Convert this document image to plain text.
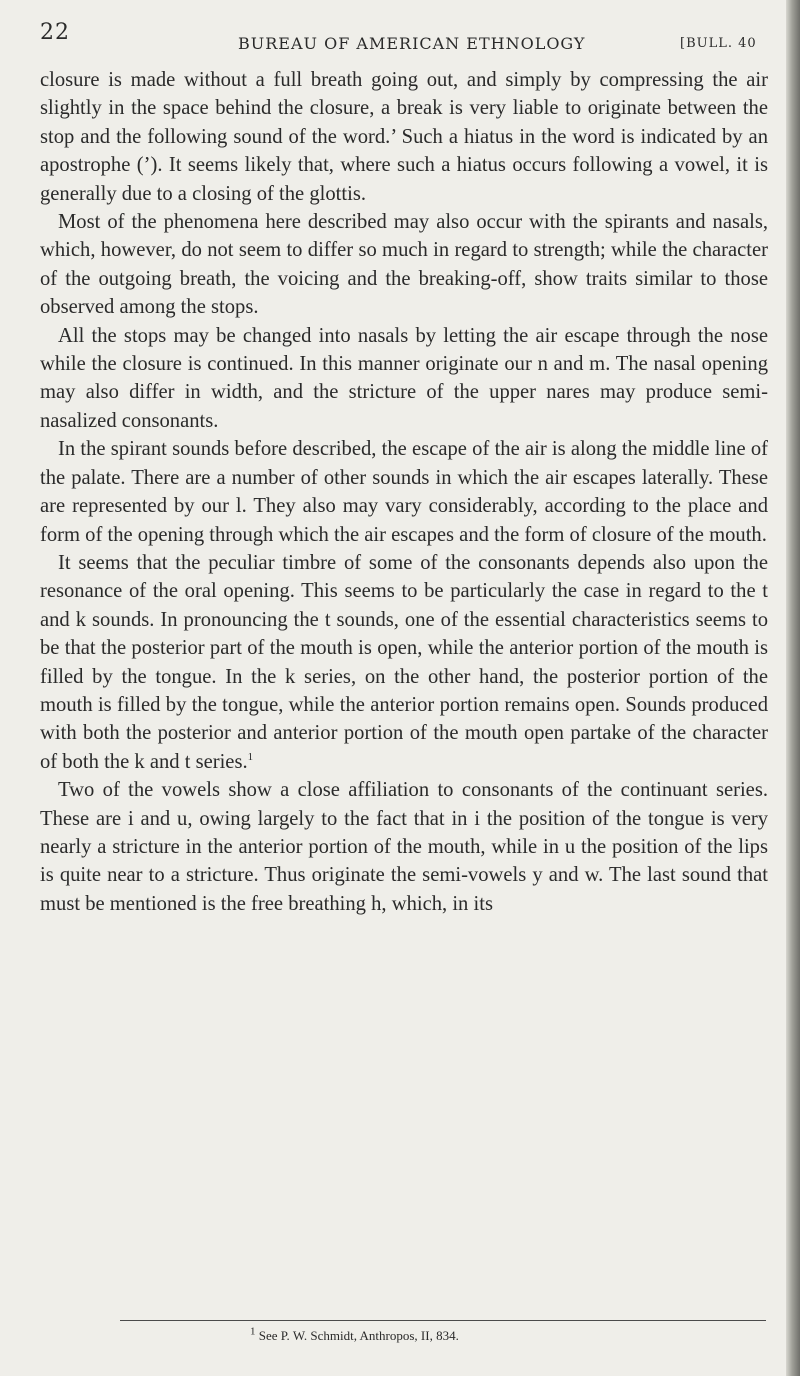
22	BUREAU OF AMERICAN ETHNOLOGY	[BULL. 40

closure is made without a full breath going out, and simply by compressing the air slightly in the space behind the closure, a break is very liable to originate between the stop and the following sound of the word.’ Such a hiatus in the word is indicated by an apostrophe (’). It seems likely that, where such a hiatus occurs following a vowel, it is generally due to a closing of the glottis.

Most of the phenomena here described may also occur with the spirants and nasals, which, however, do not seem to differ so much in regard to strength; while the character of the outgoing breath, the voicing and the breaking-off, show traits similar to those observed among the stops.

All the stops may be changed into nasals by letting the air escape through the nose while the closure is continued. In this manner originate our n and m. The nasal opening may also differ in width, and the stricture of the upper nares may produce semi-nasalized consonants.

In the spirant sounds before described, the escape of the air is along the middle line of the palate. There are a number of other sounds in which the air escapes laterally. These are represented by our l. They also may vary considerably, according to the place and form of the opening through which the air escapes and the form of closure of the mouth.

It seems that the peculiar timbre of some of the consonants depends also upon the resonance of the oral opening. This seems to be particularly the case in regard to the t and k sounds. In pronouncing the t sounds, one of the essential characteristics seems to be that the posterior part of the mouth is open, while the anterior portion of the mouth is filled by the tongue. In the k series, on the other hand, the posterior portion of the mouth is filled by the tongue, while the anterior portion remains open. Sounds produced with both the posterior and anterior portion of the mouth open partake of the character of both the k and t series.$^1$

Two of the vowels show a close affiliation to consonants of the continuant series. These are i and u, owing largely to the fact that in i the position of the tongue is very nearly a stricture in the anterior portion of the mouth, while in u the position of the lips is quite near to a stricture. Thus originate the semi-vowels y and w. The last sound that must be mentioned is the free breathing h, which, in its

$^1$ See P. W. Schmidt, Anthropos, II, 834.
